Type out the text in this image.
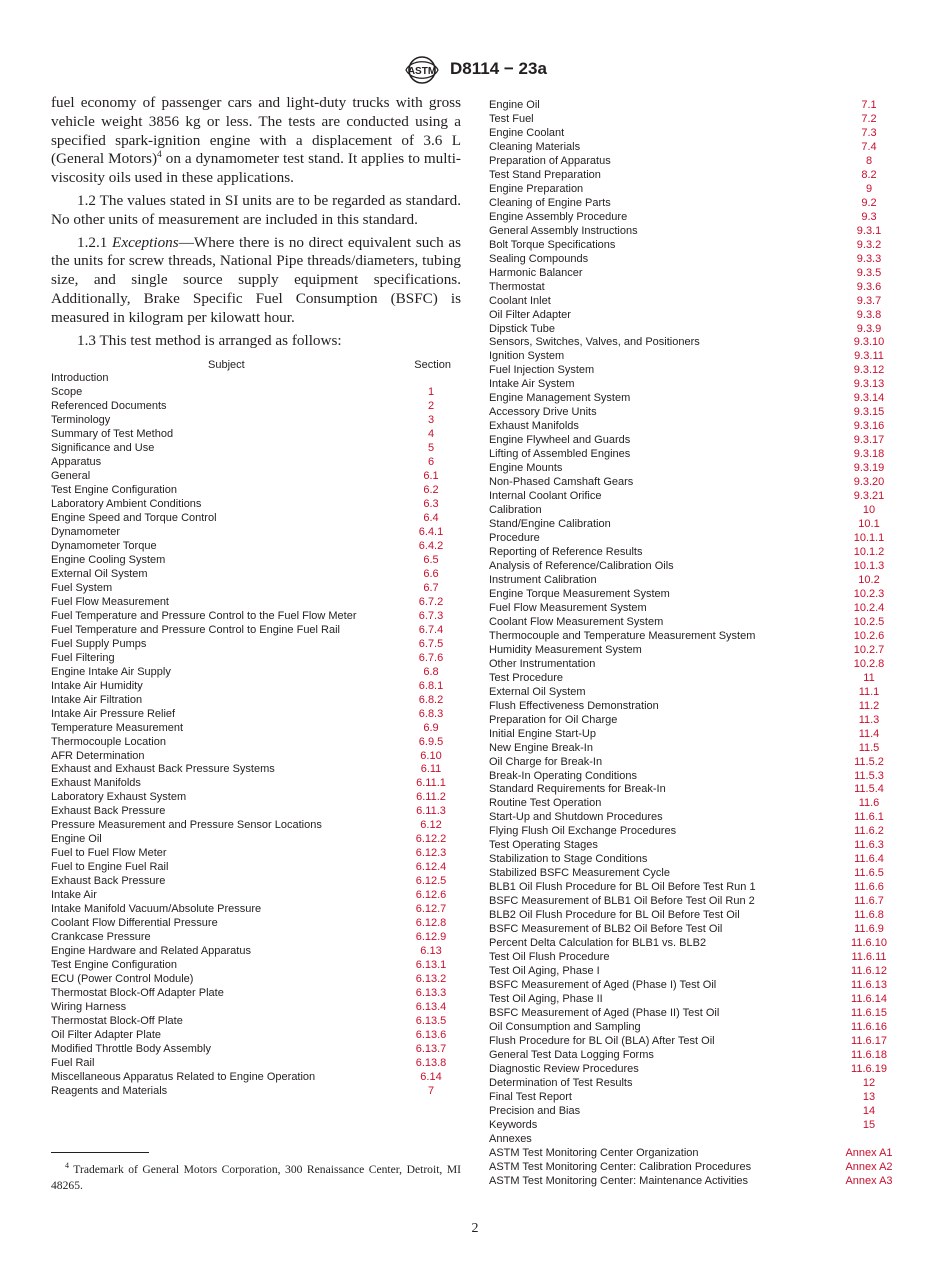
ASTM D8114 − 23a

fuel economy of passenger cars and light-duty trucks with gross vehicle weight 3856 kg or less. The tests are conducted using a specified spark-ignition engine with a displacement of 3.6 L (General Motors)$^4$ on a dynamometer test stand. It applies to multi-viscosity oils used in these applications.

1.2 The values stated in SI units are to be regarded as standard. No other units of measurement are included in this standard.

1.2.1 Exceptions—Where there is no direct equivalent such as the units for screw threads, National Pipe threads/diameters, tubing size, and single source supply equipment specifications. Additionally, Brake Specific Fuel Consumption (BSFC) is measured in kilogram per kilowatt hour.

1.3 This test method is arranged as follows:

Subject	Section
Introduction
Scope	1
Referenced Documents	2
Terminology	3
Summary of Test Method	4
Significance and Use	5
Apparatus	6
General	6.1
Test Engine Configuration	6.2
Laboratory Ambient Conditions	6.3
Engine Speed and Torque Control	6.4
Dynamometer	6.4.1
Dynamometer Torque	6.4.2
Engine Cooling System	6.5
External Oil System	6.6
Fuel System	6.7
Fuel Flow Measurement	6.7.2
Fuel Temperature and Pressure Control to the Fuel Flow Meter	6.7.3
Fuel Temperature and Pressure Control to Engine Fuel Rail	6.7.4
Fuel Supply Pumps	6.7.5
Fuel Filtering	6.7.6
Engine Intake Air Supply	6.8
Intake Air Humidity	6.8.1
Intake Air Filtration	6.8.2
Intake Air Pressure Relief	6.8.3
Temperature Measurement	6.9
Thermocouple Location	6.9.5
AFR Determination	6.10
Exhaust and Exhaust Back Pressure Systems	6.11
Exhaust Manifolds	6.11.1
Laboratory Exhaust System	6.11.2
Exhaust Back Pressure	6.11.3
Pressure Measurement and Pressure Sensor Locations	6.12
Engine Oil	6.12.2
Fuel to Fuel Flow Meter	6.12.3
Fuel to Engine Fuel Rail	6.12.4
Exhaust Back Pressure	6.12.5
Intake Air	6.12.6
Intake Manifold Vacuum/Absolute Pressure	6.12.7
Coolant Flow Differential Pressure	6.12.8
Crankcase Pressure	6.12.9
Engine Hardware and Related Apparatus	6.13
Test Engine Configuration	6.13.1
ECU (Power Control Module)	6.13.2
Thermostat Block-Off Adapter Plate	6.13.3
Wiring Harness	6.13.4
Thermostat Block-Off Plate	6.13.5
Oil Filter Adapter Plate	6.13.6
Modified Throttle Body Assembly	6.13.7
Fuel Rail	6.13.8
Miscellaneous Apparatus Related to Engine Operation	6.14
Reagents and Materials	7
Engine Oil	7.1
Test Fuel	7.2
Engine Coolant	7.3
Cleaning Materials	7.4
Preparation of Apparatus	8
Test Stand Preparation	8.2
Engine Preparation	9
Cleaning of Engine Parts	9.2
Engine Assembly Procedure	9.3
General Assembly Instructions	9.3.1
Bolt Torque Specifications	9.3.2
Sealing Compounds	9.3.3
Harmonic Balancer	9.3.5
Thermostat	9.3.6
Coolant Inlet	9.3.7
Oil Filter Adapter	9.3.8
Dipstick Tube	9.3.9
Sensors, Switches, Valves, and Positioners	9.3.10
Ignition System	9.3.11
Fuel Injection System	9.3.12
Intake Air System	9.3.13
Engine Management System	9.3.14
Accessory Drive Units	9.3.15
Exhaust Manifolds	9.3.16
Engine Flywheel and Guards	9.3.17
Lifting of Assembled Engines	9.3.18
Engine Mounts	9.3.19
Non-Phased Camshaft Gears	9.3.20
Internal Coolant Orifice	9.3.21
Calibration	10
Stand/Engine Calibration	10.1
Procedure	10.1.1
Reporting of Reference Results	10.1.2
Analysis of Reference/Calibration Oils	10.1.3
Instrument Calibration	10.2
Engine Torque Measurement System	10.2.3
Fuel Flow Measurement System	10.2.4
Coolant Flow Measurement System	10.2.5
Thermocouple and Temperature Measurement System	10.2.6
Humidity Measurement System	10.2.7
Other Instrumentation	10.2.8
Test Procedure	11
External Oil System	11.1
Flush Effectiveness Demonstration	11.2
Preparation for Oil Charge	11.3
Initial Engine Start-Up	11.4
New Engine Break-In	11.5
Oil Charge for Break-In	11.5.2
Break-In Operating Conditions	11.5.3
Standard Requirements for Break-In	11.5.4
Routine Test Operation	11.6
Start-Up and Shutdown Procedures	11.6.1
Flying Flush Oil Exchange Procedures	11.6.2
Test Operating Stages	11.6.3
Stabilization to Stage Conditions	11.6.4
Stabilized BSFC Measurement Cycle	11.6.5
BLB1 Oil Flush Procedure for BL Oil Before Test Run 1	11.6.6
BSFC Measurement of BLB1 Oil Before Test Oil Run 2	11.6.7
BLB2 Oil Flush Procedure for BL Oil Before Test Oil	11.6.8
BSFC Measurement of BLB2 Oil Before Test Oil	11.6.9
Percent Delta Calculation for BLB1 vs. BLB2	11.6.10
Test Oil Flush Procedure	11.6.11
Test Oil Aging, Phase I	11.6.12
BSFC Measurement of Aged (Phase I) Test Oil	11.6.13
Test Oil Aging, Phase II	11.6.14
BSFC Measurement of Aged (Phase II) Test Oil	11.6.15
Oil Consumption and Sampling	11.6.16
Flush Procedure for BL Oil (BLA) After Test Oil	11.6.17
General Test Data Logging Forms	11.6.18
Diagnostic Review Procedures	11.6.19
Determination of Test Results	12
Final Test Report	13
Precision and Bias	14
Keywords	15
Annexes
ASTM Test Monitoring Center Organization	Annex A1
ASTM Test Monitoring Center: Calibration Procedures	Annex A2
ASTM Test Monitoring Center: Maintenance Activities	Annex A3

$^4$ Trademark of General Motors Corporation, 300 Renaissance Center, Detroit, MI 48265.

2
